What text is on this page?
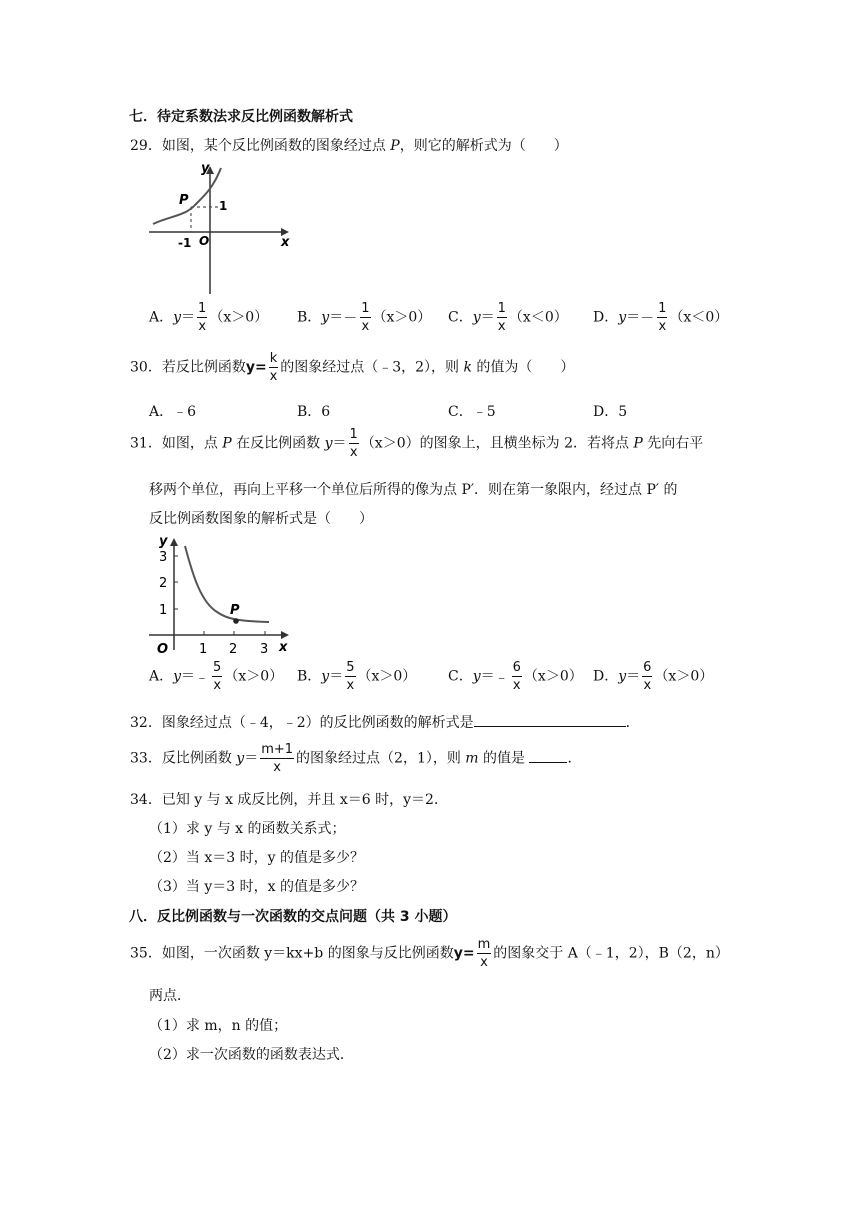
七．待定系数法求反比例函数解析式
29．如图，某个反比例函数的图象经过点 P，则它的解析式为（　　）
y
x
P	1
-1 O
A．$y= \frac{1}{x} (x>0)$ B．$y=- \frac{1}{x} (x>0)$ C．$y= \frac{1}{x} (x<0)$ D．$y=- \frac{1}{x} (x<0)$
30．若反比例函数$y= \frac{k}{x}$ 的图象经过点（﹣3，2），则 k 的值为（　　）
A．﹣6	B．6	C．﹣5	D．5
31．如图，点 P 在反比例函数 $y= \frac{1}{x} (x>0)$的图象上，且横坐标为 2．若将点 P 先向右平
移两个单位，再向上平移一个单位后所得的像为点 P′．则在第一象限内，经过点 P′ 的
反比例函数图象的解析式是（　　）
y
x
P
O 1 2 3
1
2
3
A．y＝﹣ $\frac{5}{x} (x>0)$ B．$y= \frac{5}{x} (x>0)$ C．y＝﹣ $\frac{6}{x} (x>0)$ D．$y= \frac{6}{x} (x>0)$
32．图象经过点（﹣4，﹣2）的反比例函数的解析式是	．
33．反比例函数 $y= \frac{m+1}{x}$ 的图象经过点（2，1），则 m 的值是	．
34．已知 y 与 x 成反比例，并且 x＝6 时，y＝2．
（1）求 y 与 x 的函数关系式；
（2）当 x＝3 时，y 的值是多少？
（3）当 y＝3 时，x 的值是多少？
八．反比例函数与一次函数的交点问题（共 3 小题）
35．如图，一次函数 y＝kx+b 的图象与反比例函数$y= \frac{m}{x}$ 的图象交于 A（﹣1，2），B（2，n）
两点．
（1）求 m，n 的值；
（2）求一次函数的函数表达式．
